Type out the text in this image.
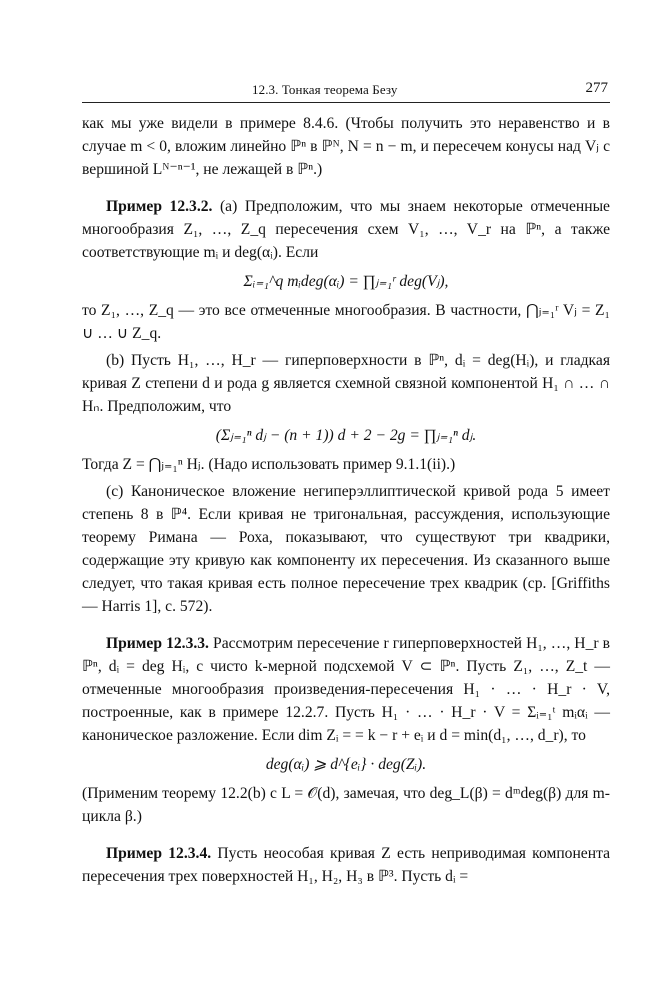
12.3. Тонкая теорема Безу	277

как мы уже видели в примере 8.4.6. (Чтобы получить это неравенство и в случае m < 0, вложим линейно ℙⁿ в ℙᴺ, N = n − m, и пересечем конусы над Vⱼ с вершиной Lᴺ⁻ⁿ⁻¹, не лежащей в ℙⁿ.)

Пример 12.3.2. (a) Предположим, что мы знаем некоторые отмеченные многообразия Z₁, …, Z_q пересечения схем V₁, …, V_r на ℙⁿ, а также соответствующие mᵢ и deg(αᵢ). Если

Σᵢ₌₁^q mᵢdeg(αᵢ) = ∏ⱼ₌₁ʳ deg(Vⱼ),

то Z₁, …, Z_q — это все отмеченные многообразия. В частности, ⋂ⱼ₌₁ʳ Vⱼ = Z₁ ∪ … ∪ Z_q.

(b) Пусть H₁, …, H_r — гиперповерхности в ℙⁿ, dᵢ = deg(Hᵢ), и гладкая кривая Z степени d и рода g является схемной связной компонентой H₁ ∩ … ∩ Hₙ. Предположим, что

(Σⱼ₌₁ⁿ dⱼ − (n + 1)) d + 2 − 2g = ∏ⱼ₌₁ⁿ dⱼ.

Тогда Z = ⋂ⱼ₌₁ⁿ Hⱼ. (Надо использовать пример 9.1.1(ii).)

(c) Каноническое вложение негиперэллиптической кривой рода 5 имеет степень 8 в ℙ⁴. Если кривая не тригональная, рассуждения, использующие теорему Римана — Роха, показывают, что существуют три квадрики, содержащие эту кривую как компоненту их пересечения. Из сказанного выше следует, что такая кривая есть полное пересечение трех квадрик (ср. [Griffiths — Harris 1], с. 572).

Пример 12.3.3. Рассмотрим пересечение r гиперповерхностей H₁, …, H_r в ℙⁿ, dᵢ = deg Hᵢ, с чисто k-мерной подсхемой V ⊂ ℙⁿ. Пусть Z₁, …, Z_t — отмеченные многообразия произведения-пересечения H₁ · … · H_r · V, построенные, как в примере 12.2.7. Пусть H₁ · … · H_r · V = Σᵢ₌₁ᵗ mᵢαᵢ — каноническое разложение. Если dim Zᵢ = = k − r + eᵢ и d = min(d₁, …, d_r), то

deg(αᵢ) ⩾ d^{eᵢ} · deg(Zᵢ).

(Применим теорему 12.2(b) с L = 𝒪(d), замечая, что deg_L(β) = dᵐdeg(β) для m-цикла β.)

Пример 12.3.4. Пусть неособая кривая Z есть неприводимая компонента пересечения трех поверхностей H₁, H₂, H₃ в ℙ³. Пусть dᵢ =
